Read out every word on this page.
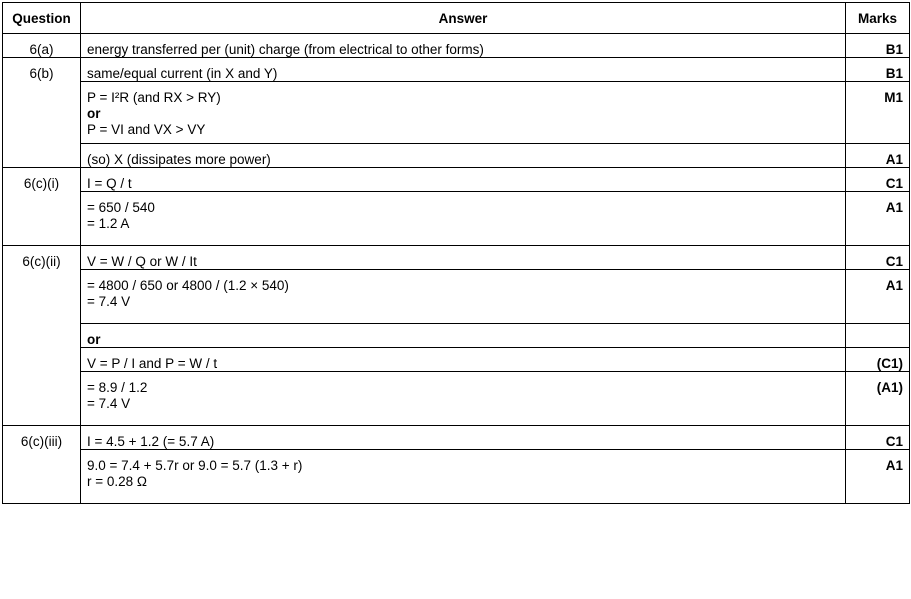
Question	Answer	Marks
6(a)	energy transferred per (unit) charge (from electrical to other forms)	B1
6(b)	same/equal current (in X and Y)	B1

	P = I²R (and RX > RY)
or
P = VI and VX > VY	M1
	(so) X (dissipates more power)	A1
6(c)(i)	I = Q / t	C1

	= 650 / 540
= 1.2 A	A1
6(c)(ii)	V = W / Q or W / It	C1

	= 4800 / 650 or 4800 / (1.2 × 540)
= 7.4 V	A1
	or	
	V = P / I and P = W / t	(C1)

	= 8.9 / 1.2
= 7.4 V	(A1)
6(c)(iii)	I = 4.5 + 1.2 (= 5.7 A)	C1

	9.0 = 7.4 + 5.7r or 9.0 = 5.7 (1.3 + r)
r = 0.28 Ω	A1
